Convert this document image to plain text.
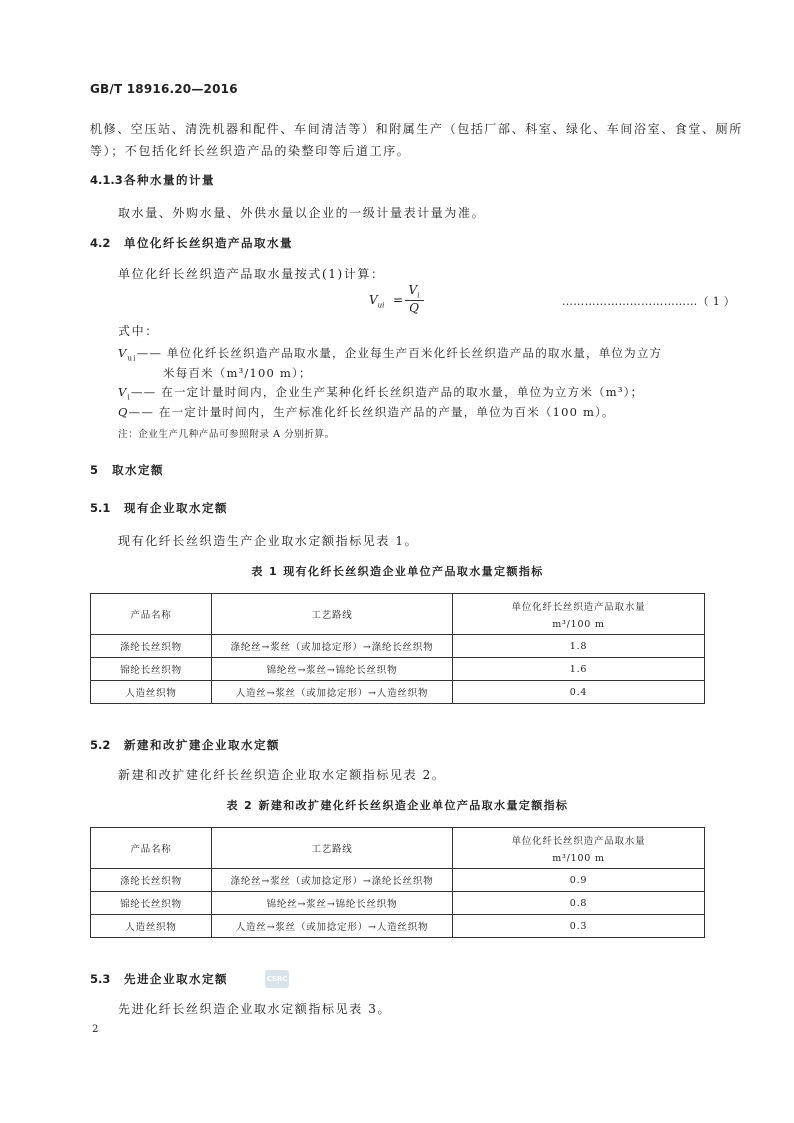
GB/T 18916.20—2016
机修、空压站、清洗机器和配件、车间清洁等）和附属生产（包括厂部、科室、绿化、车间浴室、食堂、厕所
等）；不包括化纤长丝织造产品的染整印等后道工序。
4.1.3各种水量的计量
取水量、外购水量、外供水量以企业的一级计量表计量为准。
4.2 单位化纤长丝织造产品取水量
单位化纤长丝织造产品取水量按式(1)计算：
$V_{ui}$ =
$V_i$
Q	………………………………（ 1 ）
式中：
$V_{ui}——$ 单位化纤长丝织造产品取水量，企业每生产百米化纤长丝织造产品的取水量，单位为立方
米每百米（m³/100 m）；
$V_i——$ 在一定计量时间内，企业生产某种化纤长丝织造产品的取水量，单位为立方米（m³）；
Q—— 在一定计量时间内，生产标准化纤长丝织造产品的产量，单位为百米（100 m）。
注：企业生产几种产品可参照附录 A 分别折算。
5 取水定额
5.1 现有企业取水定额
现有化纤长丝织造生产企业取水定额指标见表 1。
表 1 现有化纤长丝织造企业单位产品取水量定额指标
产品名称	工艺路线	单位化纤长丝织造产品取水量
m³/100 m

涤纶长丝织物	涤纶丝→浆丝（或加捻定形）→涤纶长丝织物	1.8
锦纶长丝织物	锦纶丝→浆丝→锦纶长丝织物	1.6
人造丝织物	人造丝→浆丝（或加捻定形）→人造丝织物	0.4
5.2 新建和改扩建企业取水定额
新建和改扩建化纤长丝织造企业取水定额指标见表 2。
表 2 新建和改扩建化纤长丝织造企业单位产品取水量定额指标
产品名称	工艺路线	单位化纤长丝织造产品取水量
m³/100 m

涤纶长丝织物	涤纶丝→浆丝（或加捻定形）→涤纶长丝织物	0.9
锦纶长丝织物	锦纶丝→浆丝→锦纶长丝织物	0.8
人造丝织物	人造丝→浆丝（或加捻定形）→人造丝织物	0.3
5.3 先进企业取水定额	CSRC
先进化纤长丝织造企业取水定额指标见表 3。
2
